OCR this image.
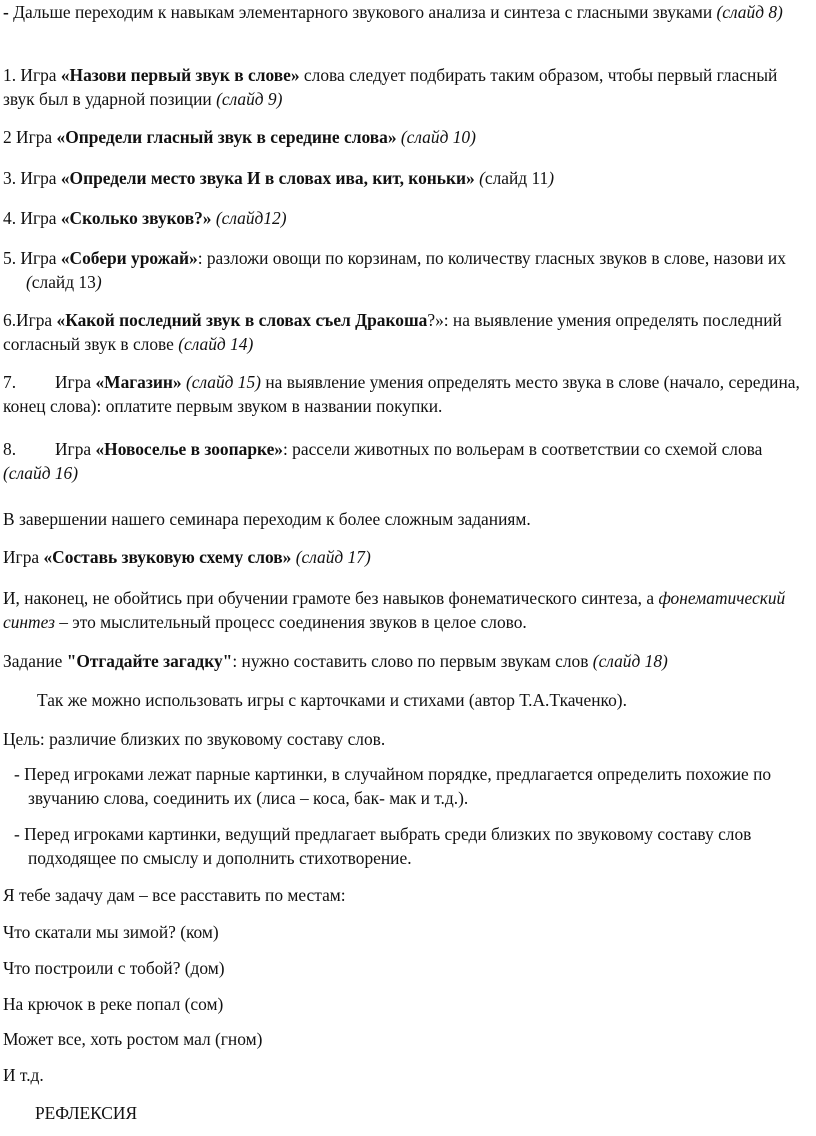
- Дальше переходим к навыкам элементарного звукового анализа и синтеза с гласными звуками (слайд 8)

1. Игра «Назови первый звук в слове» слова следует подбирать таким образом, чтобы первый гласный звук был в ударной позиции (слайд 9)

2 Игра «Определи гласный звук в середине слова» (слайд 10)

3. Игра «Определи место звука И в словах ива, кит, коньки» (слайд 11)

4. Игра «Сколько звуков?» (слайд12)

5. Игра «Собери урожай»: разложи овощи по корзинам, по количеству гласных звуков в слове, назови их (слайд 13)

6.Игра «Какой последний звук в словах съел Дракоша?»: на выявление умения определять последний согласный звук в слове (слайд 14)

7. Игра «Магазин» (слайд 15) на выявление умения определять место звука в слове (начало, середина, конец слова): оплатите первым звуком в названии покупки.

8. Игра «Новоселье в зоопарке»: рассели животных по вольерам в соответствии со схемой слова (слайд 16)

В завершении нашего семинара переходим к более сложным заданиям.

Игра «Составь звуковую схему слов» (слайд 17)

И, наконец, не обойтись при обучении грамоте без навыков фонематического синтеза, а фонематический синтез – это мыслительный процесс соединения звуков в целое слово.

Задание "Отгадайте загадку": нужно составить слово по первым звукам слов (слайд 18)

Так же можно использовать игры с карточками и стихами (автор Т.А.Ткаченко).

Цель: различие близких по звуковому составу слов.

- Перед игроками лежат парные картинки, в случайном порядке, предлагается определить похожие по звучанию слова, соединить их (лиса – коса, бак- мак и т.д.).

- Перед игроками картинки, ведущий предлагает выбрать среди близких по звуковому составу слов подходящее по смыслу и дополнить стихотворение.

Я тебе задачу дам – все расставить по местам:

Что скатали мы зимой? (ком)

Что построили с тобой? (дом)

На крючок в реке попал (сом)

Может все, хоть ростом мал (гном)

И т.д.

РЕФЛЕКСИЯ
